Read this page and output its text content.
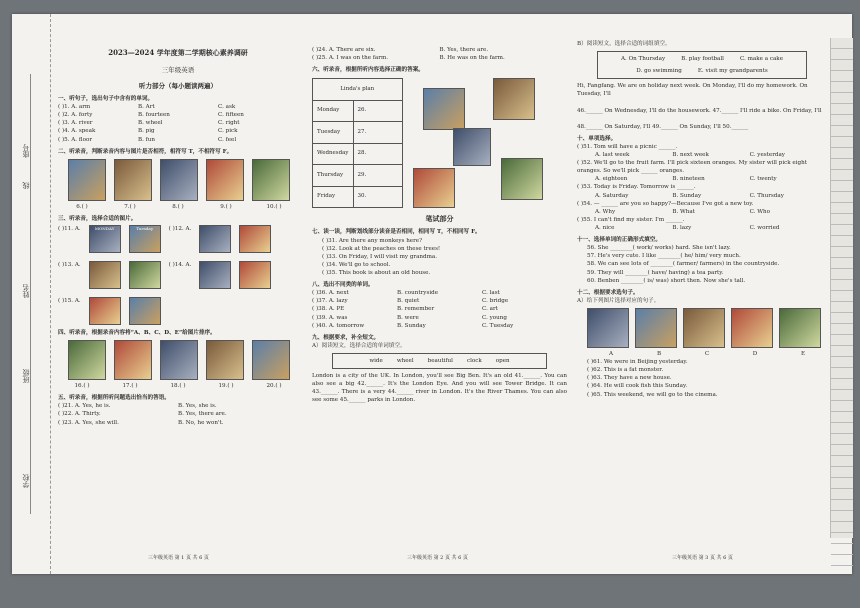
座号
线
姓名
班级
学校
2023—2024 学年度第二学期核心素养调研
三年级英语
听力部分（每小题读两遍）
一、听句子，选出句子中含有的单词。
( )1. A. arm	B. Art	C. ask
( )2. A. forty	B. fourteen	C. fifteen
( )3. A. river	B. wheel	C. right
( )4. A. speak	B. pig	C. pick
( )5. A. floor	B. fun	C. feel
二、听录音，判断录音内容与图片是否相符，相符写 T，不相符写 F。
6.( )	7.( )	8.( )	9.( )	10.( )
三、听录音，选择合适的图片。
( )11. A.	MONDAY	Tuesday	( )12. A.
( )13. A.	( )14. A.
( )15. A.
四、听录音，根据录音内容将“A、B、C、D、E”给图片排序。
16.( )	17.( )	18.( )	19.( )	20.( )
五、听录音，根据所听问题选出恰当的答语。
( )21. A. Yes, he is.	B. Yes, she is.
( )22. A. Thirty.	B. Yes, there are.
( )23. A. Yes, she will.	B. No, he won't.
三年级英语 第 1 页 共 6 页
( )24. A. There are six.	B. Yes, there are.
( )25. A. I was on the farm.	B. He was on the farm.
六、听录音，根据所听内容选择正确的答案。
Linda's plan	
Monday	26.
Tuesday	27.
Wednesday	28.
Thursday	29.
Friday	30.
笔试部分
七、读一读，判断划线部分读音是否相同，相同写 T，不相同写 F。
( )31. Are there any monkeys here?
( )32. Look at the peaches on these trees!
( )33. On Friday, I will visit my grandma.
( )34. We'll go to school.
( )35. This book is about an old house.
八、选出不同类的单词。
( )36. A. next	B. countryside	C. last
( )37. A. lazy	B. quiet	C. bridge
( )38. A. PE	B. remember	C. art
( )39. A. was	B. were	C. young
( )40. A. tomorrow	B. Sunday	C. Tuesday
九、根据要求，补全短文。
A）阅读短文，选择合适的单词填空。
wide	wheel	beautiful	clock	open
London is a city of the UK. In London, you'll see Big Ben. It's an old 41.______. You can also see a big 42.______. It's the London Eye. And you will see Tower Bridge. It can 43.______. There is a very 44.______ river in London. It's the River Thames. You can also see some 45.______ parks in London.
三年级英语 第 2 页 共 6 页
B）阅读短文，选择合适的词组填空。
A. On Thursday	B. play football	C. make a cake
D. go swimming	E. visit my grandparents
Hi, Fangfang. We are on holiday next week. On Monday, I'll do my homework. On Tuesday, I'll
46.______ On Wednesday, I'll do the housework. 47.______ I'll ride a bike. On Friday, I'll
48.______ On Saturday, I'll 49.______ On Sunday, I'll 50.______
十、单项选择。
( )51. Tom will have a picnic ______.
A. last week	B. next week	C. yesterday
( )52. We'll go to the fruit farm. I'll pick sixteen oranges. My sister will pick eight oranges. So we'll pick ______ oranges.
A. eighteen	B. nineteen	C. twenty
( )53. Today is Friday. Tomorrow is ______.
A. Saturday	B. Sunday	C. Thursday
( )54. — ______ are you so happy?—Because I've got a new toy.
A. Why	B. What	C. Who
( )55. I can't find my sister. I'm ______.
A. nice	B. lazy	C. worried
十一、选择单词的正确形式填空。
56. She ________( work/ works) hard. She isn't lazy.
57. He's very cute. I like ________( he/ him/ very much.
58. We can see lots of ________( farmer/ farmers) in the countryside.
59. They will ________( have/ having) a tea party.
60. Benben ________( is/ was) short then. Now she's tall.
十二、根据要求选句子。
A）给下列图片选择对应的句子。
A	B	C	D	E
( )61. We were in Beijing yesterday.
( )62. This is a fat monster.
( )63. They have a new house.
( )64. He will cook fish this Sunday.
( )65. This weekend, we will go to the cinema.
三年级英语 第 3 页 共 6 页
